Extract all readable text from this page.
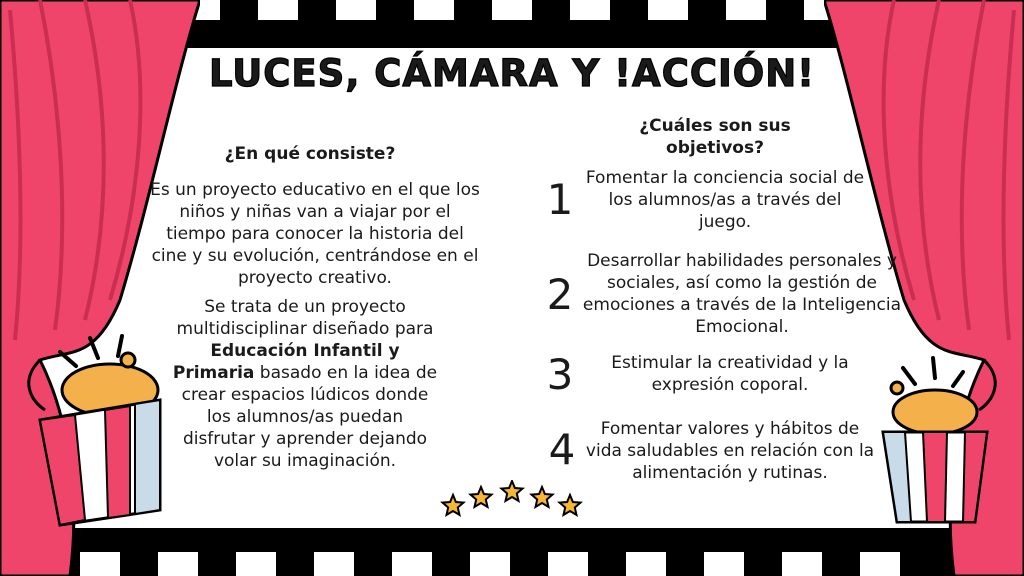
LUCES, CÁMARA Y !ACCIÓN!
¿En qué consiste?

Es un proyecto educativo en el que los niños y niñas van a viajar por el tiempo para conocer la historia del cine y su evolución, centrándose en el proyecto creativo.

Se trata de un proyecto multidisciplinar diseñado para Educación Infantil y Primaria basado en la idea de crear espacios lúdicos donde los alumnos/as puedan disfrutar y aprender dejando volar su imaginación.

¿Cuáles son sus objetivos?
1 Fomentar la conciencia social de los alumnos/as a través del juego.

2

Desarrollar habilidades personales y sociales, así como la gestión de emociones a través de la Inteligencia Emocional.

3	Estimular la creatividad y la expresión coporal.

4	Fomentar valores y hábitos de vida saludables en relación con la alimentación y rutinas.
